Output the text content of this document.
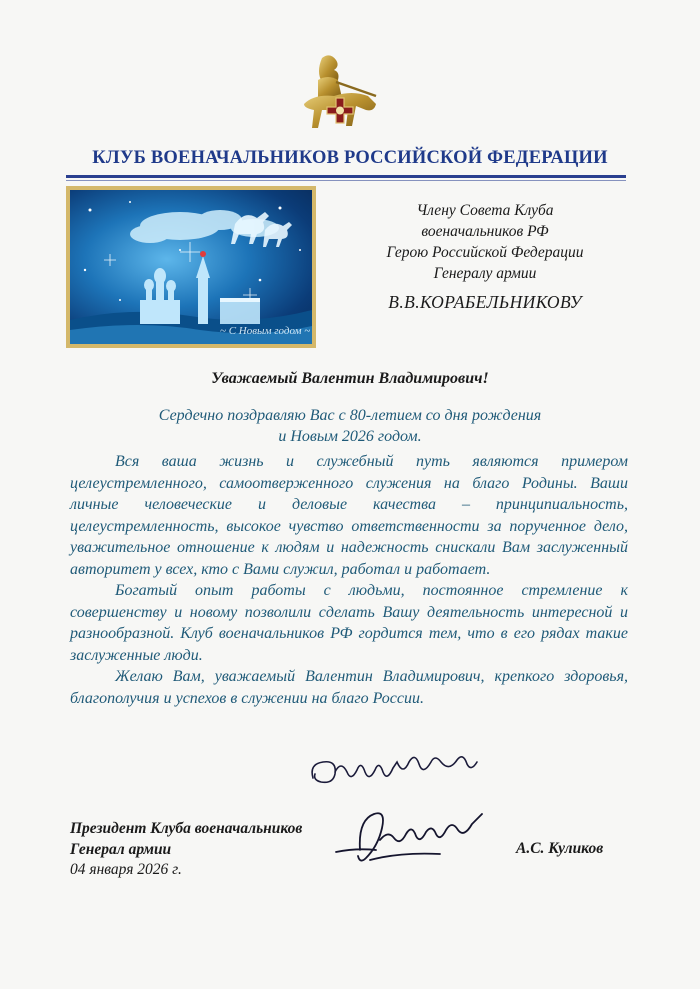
КЛУБ ВОЕНАЧАЛЬНИКОВ РОССИЙСКОЙ ФЕДЕРАЦИИ
~ С Новым годом ~
Члену Совета Клуба
военачальников РФ
Герою Российской Федерации
Генералу армии
В.В.КОРАБЕЛЬНИКОВУ
Уважаемый Валентин Владимирович!
Сердечно поздравляю Вас с 80-летием со дня рождения
и Новым 2026 годом.

Вся ваша жизнь и служебный путь являются примером целеустремленного, самоотверженного служения на благо Родины. Ваши личные человеческие и деловые качества – принципиальность, целеустремленность, высокое чувство ответственности за порученное дело, уважительное отношение к людям и надежность снискали Вам заслуженный авторитет у всех, кто с Вами служил, работал и работает.

Богатый опыт работы с людьми, постоянное стремление к совершенству и новому позволили сделать Вашу деятельность интересной и разнообразной. Клуб военачальников РФ гордится тем, что в его рядах такие заслуженные люди.

Желаю Вам, уважаемый Валентин Владимирович, крепкого здоровья, благополучия и успехов в служении на благо России.

Президент Клуба военачальников
Генерал армии
04 января 2026 г.
А.С. Куликов
